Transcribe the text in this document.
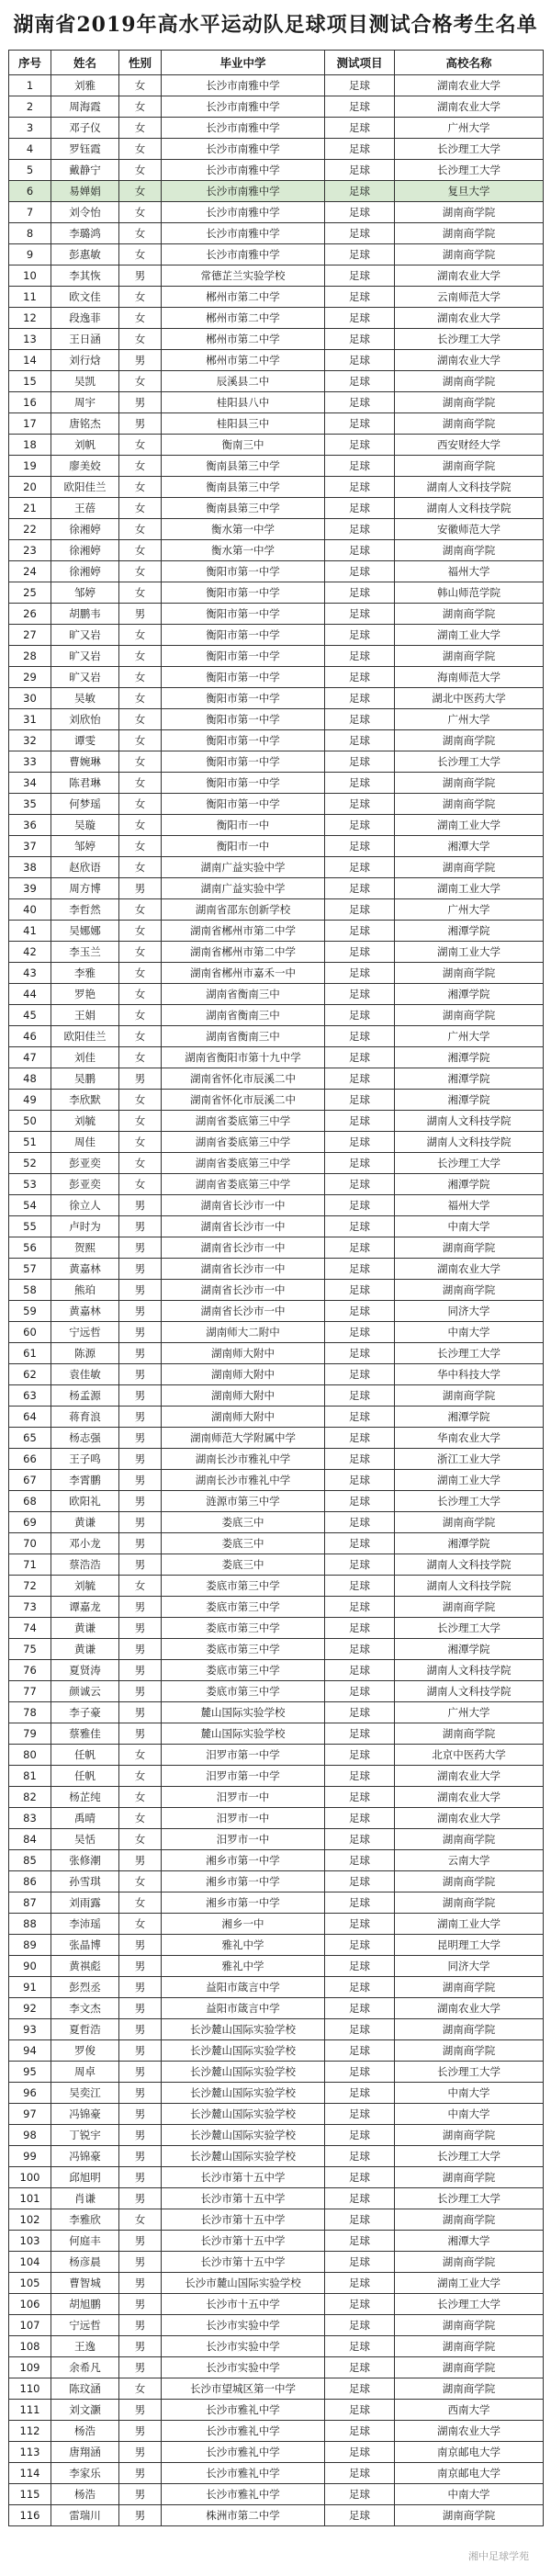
湖南省2019年高水平运动队足球项目测试合格考生名单
序号	姓名	性别	毕业中学	测试项目	高校名称
1	刘雅	女	长沙市南雅中学	足球	湖南农业大学
2	周海霞	女	长沙市南雅中学	足球	湖南农业大学
3	邓子仪	女	长沙市南雅中学	足球	广州大学
4	罗钰霞	女	长沙市南雅中学	足球	长沙理工大学
5	戴静宁	女	长沙市南雅中学	足球	长沙理工大学
6	易婵娟	女	长沙市南雅中学	足球	复旦大学
7	刘令怡	女	长沙市南雅中学	足球	湖南商学院
8	李璐鸿	女	长沙市南雅中学	足球	湖南商学院
9	彭惠敏	女	长沙市南雅中学	足球	湖南商学院
10	李其恢	男	常德芷兰实验学校	足球	湖南农业大学
11	欧文佳	女	郴州市第二中学	足球	云南师范大学
12	段逸菲	女	郴州市第二中学	足球	湖南农业大学
13	王日涵	女	郴州市第二中学	足球	长沙理工大学
14	刘行焓	男	郴州市第二中学	足球	湖南农业大学
15	吴凯	女	辰溪县二中	足球	湖南商学院
16	周宇	男	桂阳县八中	足球	湖南商学院
17	唐铭杰	男	桂阳县三中	足球	湖南商学院
18	刘帆	女	衡南三中	足球	西安财经大学
19	廖美姣	女	衡南县第三中学	足球	湖南商学院
20	欧阳佳兰	女	衡南县第三中学	足球	湖南人文科技学院
21	王蓓	女	衡南县第三中学	足球	湖南人文科技学院
22	徐湘婷	女	衡水第一中学	足球	安徽师范大学
23	徐湘婷	女	衡水第一中学	足球	湖南商学院
24	徐湘婷	女	衡阳市第一中学	足球	福州大学
25	邹婷	女	衡阳市第一中学	足球	韩山师范学院
26	胡鹏韦	男	衡阳市第一中学	足球	湖南商学院
27	旷又岩	女	衡阳市第一中学	足球	湖南工业大学
28	旷又岩	女	衡阳市第一中学	足球	湖南商学院
29	旷又岩	女	衡阳市第一中学	足球	海南师范大学
30	吴敏	女	衡阳市第一中学	足球	湖北中医药大学
31	刘欣怡	女	衡阳市第一中学	足球	广州大学
32	谭雯	女	衡阳市第一中学	足球	湖南商学院
33	曹婉琳	女	衡阳市第一中学	足球	长沙理工大学
34	陈君琳	女	衡阳市第一中学	足球	湖南商学院
35	何梦瑶	女	衡阳市第一中学	足球	湖南商学院
36	吴璇	女	衡阳市一中	足球	湖南工业大学
37	邹婷	女	衡阳市一中	足球	湘潭大学
38	赵欣语	女	湖南广益实验中学	足球	湖南商学院
39	周方博	男	湖南广益实验中学	足球	湖南工业大学
40	李哲然	女	湖南省邵东创新学校	足球	广州大学
41	吴娜娜	女	湖南省郴州市第二中学	足球	湘潭学院
42	李玉兰	女	湖南省郴州市第二中学	足球	湖南工业大学
43	李雅	女	湖南省郴州市嘉禾一中	足球	湖南商学院
44	罗艳	女	湖南省衡南三中	足球	湘潭学院
45	王娟	女	湖南省衡南三中	足球	湖南商学院
46	欧阳佳兰	女	湖南省衡南三中	足球	广州大学
47	刘佳	女	湖南省衡阳市第十九中学	足球	湘潭学院
48	吴鹏	男	湖南省怀化市辰溪二中	足球	湘潭学院
49	李欣默	女	湖南省怀化市辰溪二中	足球	湘潭学院
50	刘毓	女	湖南省娄底第三中学	足球	湖南人文科技学院
51	周佳	女	湖南省娄底第三中学	足球	湖南人文科技学院
52	彭亚奕	女	湖南省娄底第三中学	足球	长沙理工大学
53	彭亚奕	女	湖南省娄底第三中学	足球	湘潭学院
54	徐立人	男	湖南省长沙市一中	足球	福州大学
55	卢时为	男	湖南省长沙市一中	足球	中南大学
56	贺熙	男	湖南省长沙市一中	足球	湖南商学院
57	黄嘉林	男	湖南省长沙市一中	足球	湖南农业大学
58	熊珀	男	湖南省长沙市一中	足球	湖南商学院
59	黄嘉林	男	湖南省长沙市一中	足球	同济大学
60	宁远哲	男	湖南师大二附中	足球	中南大学
61	陈源	男	湖南师大附中	足球	长沙理工大学
62	袁佳敏	男	湖南师大附中	足球	华中科技大学
63	杨孟源	男	湖南师大附中	足球	湖南商学院
64	蒋育浪	男	湖南师大附中	足球	湘潭学院
65	杨志强	男	湖南师范大学附属中学	足球	华南农业大学
66	王子鸣	男	湖南长沙市雅礼中学	足球	浙江工业大学
67	李霄鹏	男	湖南长沙市雅礼中学	足球	湖南工业大学
68	欧阳礼	男	涟源市第三中学	足球	长沙理工大学
69	黄谦	男	娄底三中	足球	湖南商学院
70	邓小龙	男	娄底三中	足球	湘潭学院
71	蔡浩浩	男	娄底三中	足球	湖南人文科技学院
72	刘毓	女	娄底市第三中学	足球	湖南人文科技学院
73	谭嘉龙	男	娄底市第三中学	足球	湖南商学院
74	黄谦	男	娄底市第三中学	足球	长沙理工大学
75	黄谦	男	娄底市第三中学	足球	湘潭学院
76	夏贤涛	男	娄底市第三中学	足球	湖南人文科技学院
77	颜诚云	男	娄底市第三中学	足球	湖南人文科技学院
78	李子豪	男	麓山国际实验学校	足球	广州大学
79	蔡雅佳	男	麓山国际实验学校	足球	湖南商学院
80	任帆	女	汨罗市第一中学	足球	北京中医药大学
81	任帆	女	汨罗市第一中学	足球	湖南农业大学
82	杨芷纯	女	汨罗市一中	足球	湖南农业大学
83	禹晴	女	汨罗市一中	足球	湖南农业大学
84	吴恬	女	汨罗市一中	足球	湖南商学院
85	张修潮	男	湘乡市第一中学	足球	云南大学
86	孙雪琪	女	湘乡市第一中学	足球	湖南商学院
87	刘雨露	女	湘乡市第一中学	足球	湖南商学院
88	李沛瑶	女	湘乡一中	足球	湖南工业大学
89	张晶博	男	雅礼中学	足球	昆明理工大学
90	黄祺彪	男	雅礼中学	足球	同济大学
91	彭烈丞	男	益阳市箴言中学	足球	湖南商学院
92	李文杰	男	益阳市箴言中学	足球	湖南农业大学
93	夏哲浩	男	长沙麓山国际实验学校	足球	湖南商学院
94	罗俊	男	长沙麓山国际实验学校	足球	湖南商学院
95	周卓	男	长沙麓山国际实验学校	足球	长沙理工大学
96	吴奕江	男	长沙麓山国际实验学校	足球	中南大学
97	冯锦豪	男	长沙麓山国际实验学校	足球	中南大学
98	丁锐宇	男	长沙麓山国际实验学校	足球	湖南商学院
99	冯锦豪	男	长沙麓山国际实验学校	足球	长沙理工大学
100	邱旭明	男	长沙市第十五中学	足球	湖南商学院
101	肖谦	男	长沙市第十五中学	足球	长沙理工大学
102	李雅欣	女	长沙市第十五中学	足球	湖南商学院
103	何庭丰	男	长沙市第十五中学	足球	湘潭大学
104	杨彦晨	男	长沙市第十五中学	足球	湖南商学院
105	曹智城	男	长沙市麓山国际实验学校	足球	湖南工业大学
106	胡旭鹏	男	长沙市十五中学	足球	长沙理工大学
107	宁远哲	男	长沙市实验中学	足球	湖南商学院
108	王逸	男	长沙市实验中学	足球	湖南商学院
109	余希凡	男	长沙市实验中学	足球	湖南商学院
110	陈玟涵	女	长沙市望城区第一中学	足球	湖南商学院
111	刘文灏	男	长沙市雅礼中学	足球	西南大学
112	杨浩	男	长沙市雅礼中学	足球	湖南农业大学
113	唐翔涵	男	长沙市雅礼中学	足球	南京邮电大学
114	李家乐	男	长沙市雅礼中学	足球	南京邮电大学
115	杨浩	男	长沙市雅礼中学	足球	中南大学
116	雷瑞川	男	株洲市第二中学	足球	湖南商学院
湘中足球学苑
